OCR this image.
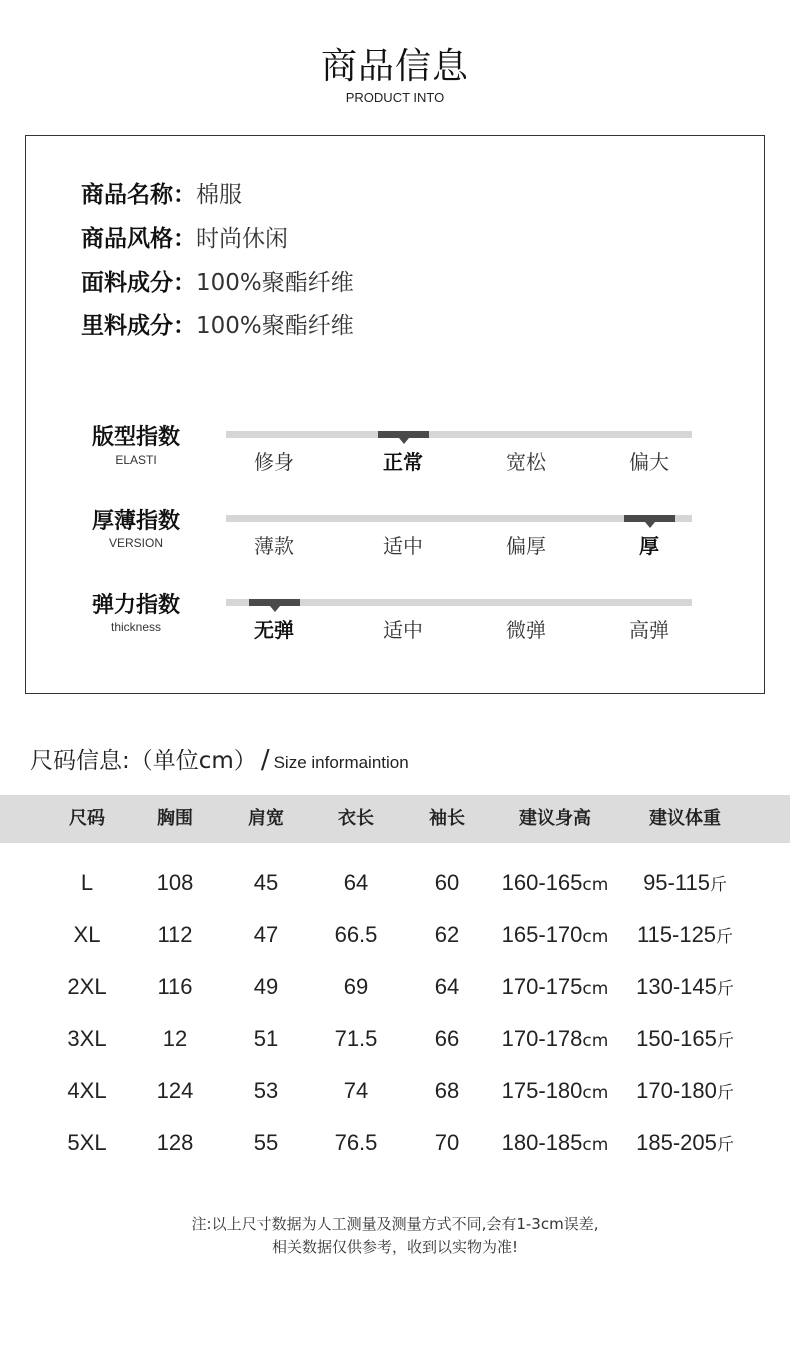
商品信息
PRODUCT INTO
商品名称：棉服
商品风格：时尚休闲
面料成分：100%聚酯纤维
里料成分：100%聚酯纤维
版型指数
ELASTI	修身	正常	宽松	偏大
厚薄指数
VERSION	薄款	适中	偏厚	厚
弹力指数
thickness	无弹	适中	微弹	高弹
尺码信息:（单位cm） / Size informaintion
尺码	胸围	肩宽	衣长	袖长	建议身高	建议体重
L	108	45	64	60	160-165cm	95-115斤
XL	112	47	66.5	62	165-170cm	115-125斤
2XL	116	49	69	64	170-175cm	130-145斤
3XL	12	51	71.5	66	170-178cm	150-165斤
4XL	124	53	74	68	175-180cm	170-180斤
5XL	128	55	76.5	70	180-185cm	185-205斤
注:以上尺寸数据为人工测量及测量方式不同,会有1-3cm误差,
相关数据仅供参考，收到以实物为准!
